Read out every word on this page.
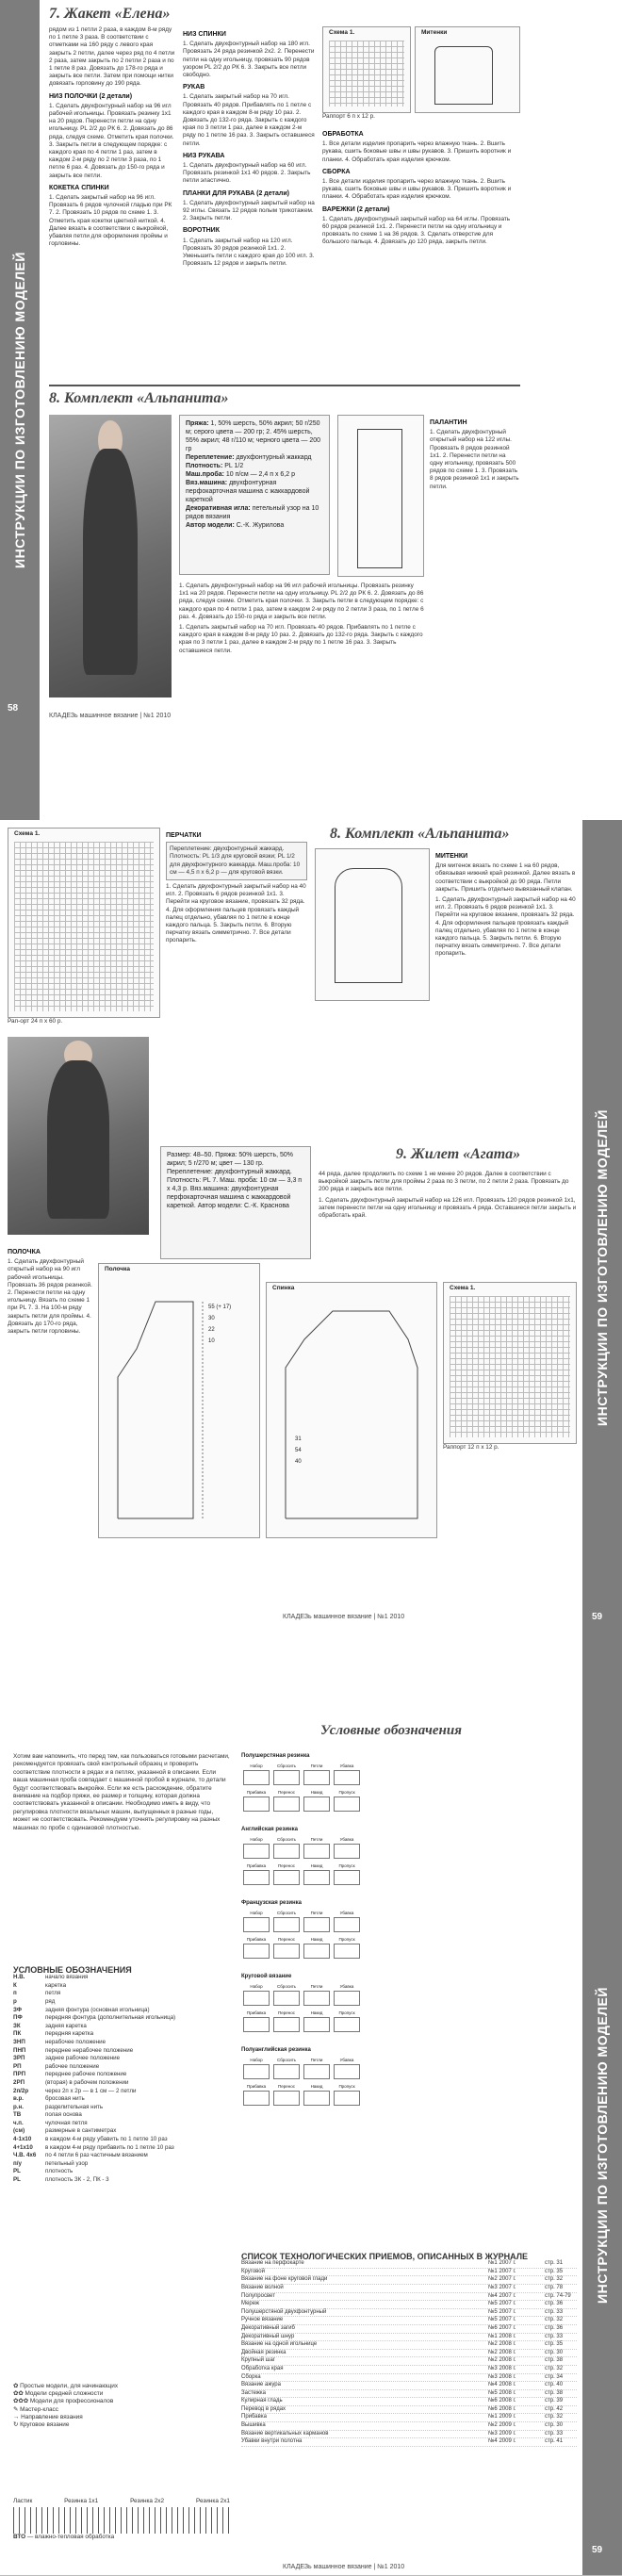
ИНСТРУКЦИИ ПО ИЗГОТОВЛЕНИЮ МОДЕЛЕЙ
58
7. Жакет «Елена»
рядом из 1 петли 2 раза, в каждом 8-м ряду по 1 петле 3 раза. В соответствии с отметками на 160 ряду с левого края закрыть 2 петли, далее через ряд по 4 петли 2 раза, затем закрыть по 2 петли 2 раза и по 1 петле 8 раз. Довязать до 178-го ряда и закрыть все петли. Затем при помощи нитки довязать горловину до 190 ряда.
НИЗ ПОЛОЧКИ (2 детали)
1. Сделать двухфонтурный набор на 96 игл рабочей игольницы. Провязать резинку 1х1 на 20 рядов. Перенести петли на одну игольницу. PL 2/2 до РК 6. 2. Довязать до 86 ряда, следуя схеме. Отметить края полочки. 3. Закрыть петли в следующем порядке: с каждого края по 4 петли 1 раз, затем в каждом 2-м ряду по 2 петли 3 раза, по 1 петле 6 раз. 4. Довязать до 150-го ряда и закрыть все петли.
КОКЕТКА СПИНКИ
1. Сделать закрытый набор на 96 игл. Провязать 6 рядов чулочной гладью при РК 7. 2. Провязать 10 рядов по схеме 1. 3. Отметить края кокетки цветной ниткой. 4. Далее вязать в соответствии с выкройкой, убавляя петли для оформления проймы и горловины.
НИЗ СПИНКИ
1. Сделать двухфонтурный набор на 180 игл. Провязать 24 ряда резинкой 2х2. 2. Перенести петли на одну игольницу, провязать 90 рядов узором PL 2/2 до РК 6. 3. Закрыть все петли свободно.
РУКАВ
1. Сделать закрытый набор на 70 игл. Провязать 40 рядов. Прибавлять по 1 петле с каждого края в каждом 8-м ряду 10 раз. 2. Довязать до 132-го ряда. Закрыть с каждого края по 3 петли 1 раз, далее в каждом 2-м ряду по 1 петле 16 раз. 3. Закрыть оставшиеся петли.
НИЗ РУКАВА
1. Сделать двухфонтурный набор на 60 игл. Провязать резинкой 1х1 40 рядов. 2. Закрыть петли эластично.
ПЛАНКИ ДЛЯ РУКАВА (2 детали)
1. Сделать двухфонтурный закрытый набор на 92 иглы. Связать 12 рядов полым трикотажем. 2. Закрыть петли.
ВОРОТНИК
1. Сделать закрытый набор на 120 игл. Провязать 30 рядов резинкой 1х1. 2. Уменьшить петли с каждого края до 100 игл. 3. Провязать 12 рядов и закрыть петли.
Схема 1.
Раппорт 6 п х 12 р.
Митенки
ОБРАБОТКА
1. Все детали изделия пропарить через влажную ткань. 2. Вшить рукава, сшить боковые швы и швы рукавов. 3. Пришить воротник и планки. 4. Обработать края изделия крючком.
СБОРКА
1. Все детали изделия пропарить через влажную ткань. 2. Вшить рукава, сшить боковые швы и швы рукавов. 3. Пришить воротник и планки. 4. Обработать края изделия крючком.
ВАРЕЖКИ (2 детали)
1. Сделать двухфонтурный закрытый набор на 64 иглы. Провязать 60 рядов резинкой 1х1. 2. Перенести петли на одну игольницу и провязать по схеме 1 на 36 рядов. 3. Сделать отверстие для большого пальца. 4. Довязать до 120 ряда, закрыть петли.
8. Комплект «Альпанита»
Пряжа: 1, 50% шерсть, 50% акрил; 50 г/250 м; серого цвета — 200 гр; 2. 45% шерсть, 55% акрил; 48 г/110 м; черного цвета — 200 гр
Переплетение: двухфонтурный жаккард
Плотность: PL 1/2
Маш.проба: 10 п/см — 2,4 п х 6,2 р
Вяз.машина: двухфонтурная перфокарточная машина с жаккардовой кареткой
Декоративная игла: петельный узор на 10 рядов вязания
Автор модели: С.-К. Журилова
ПАЛАНТИН
1. Сделать двухфонтурный открытый набор на 122 иглы. Провязать 8 рядов резинкой 1х1. 2. Перенести петли на одну игольницу, провязать 500 рядов по схеме 1. 3. Провязать 8 рядов резинкой 1х1 и закрыть петли.
1. Сделать двухфонтурный набор на 96 игл рабочей игольницы. Провязать резинку 1х1 на 20 рядов. Перенести петли на одну игольницу. PL 2/2 до РК 6. 2. Довязать до 86 ряда, следуя схеме. Отметить края полочки. 3. Закрыть петли в следующем порядке: с каждого края по 4 петли 1 раз, затем в каждом 2-м ряду по 2 петли 3 раза, по 1 петле 6 раз. 4. Довязать до 150-го ряда и закрыть все петли.
1. Сделать закрытый набор на 70 игл. Провязать 40 рядов. Прибавлять по 1 петле с каждого края в каждом 8-м ряду 10 раз. 2. Довязать до 132-го ряда. Закрыть с каждого края по 3 петли 1 раз, далее в каждом 2-м ряду по 1 петле 16 раз. 3. Закрыть оставшиеся петли.
КЛАДЕЗь машинное вязание | №1 2010
ИНСТРУКЦИИ ПО ИЗГОТОВЛЕНИЮ МОДЕЛЕЙ
59
8. Комплект «Альпанита»
Схема 1.
Рап-орт 24 п х 60 р.
ПЕРЧАТКИ
Переплетение: двухфонтурный жаккард. Плотность: PL 1/3 для круговой вязки; PL 1/2 для двухфонтурного жаккарда. Маш.проба: 10 см — 4,5 п х 6,2 р — для круговой вязки.
1. Сделать двухфонтурный закрытый набор на 40 игл. 2. Провязать 6 рядов резинкой 1х1. 3. Перейти на круговое вязание, провязать 32 ряда. 4. Для оформления пальцев провязать каждый палец отдельно, убавляя по 1 петле в конце каждого пальца. 5. Закрыть петли. 6. Вторую перчатку вязать симметрично. 7. Все детали пропарить.
МИТЕНКИ
Для митенок вязать по схеме 1 на 60 рядов, обвязывая нижний край резинкой. Далее вязать в соответствии с выкройкой до 90 ряда. Петли закрыть. Пришить отдельно вывязанный клапан.
1. Сделать двухфонтурный закрытый набор на 40 игл. 2. Провязать 6 рядов резинкой 1х1. 3. Перейти на круговое вязание, провязать 32 ряда. 4. Для оформления пальцев провязать каждый палец отдельно, убавляя по 1 петле в конце каждого пальца. 5. Закрыть петли. 6. Вторую перчатку вязать симметрично. 7. Все детали пропарить.
9. Жилет «Агата»
Размер: 48–50. Пряжа: 50% шерсть, 50% акрил; 5 г/270 м; цвет — 130 гр. Переплетение: двухфонтурный жаккард. Плотность: PL 7. Маш. проба: 10 см — 3,3 п х 4,3 р. Вяз.машина: двухфонтурная перфокарточная машина с жаккардовой кареткой. Автор модели: С.-К. Краснова
44 ряда, далее продолжить по схеме 1 не менее 20 рядов. Далее в соответствии с выкройкой закрыть петли для проймы 2 раза по 3 петли, по 2 петли 2 раза. Провязать до 200 ряда и закрыть все петли.
1. Сделать двухфонтурный закрытый набор на 126 игл. Провязать 120 рядов резинкой 1х1, затем перенести петли на одну игольницу и провязать 4 ряда. Оставшиеся петли закрыть и обработать край.
ПОЛОЧКА
1. Сделать двухфонтурный открытый набор на 90 игл рабочей игольницы. Провязать 36 рядов резинкой. 2. Перенести петли на одну игольницу. Вязать по схеме 1 при PL 7. 3. На 100-м ряду закрыть петли для проймы. 4. Довязать до 170-го ряда, закрыть петли горловины.
Полочка
55 (+ 17)
30
22
10
Спинка
31
54
40
Схема 1.
Раппорт 12 п х 12 р.
КЛАДЕЗь машинное вязание | №1 2010
ИНСТРУКЦИИ ПО ИЗГОТОВЛЕНИЮ МОДЕЛЕЙ
59
Условные обозначения
Хотим вам напомнить, что перед тем, как пользоваться готовыми расчетами, рекомендуется провязать свой контрольный образец и проверить соответствие плотности в рядах и в петлях, указанной в описании. Если ваша машинная проба совпадает с машинной пробой в журнале, то детали будут соответствовать выкройке. Если же есть расхождение, обратите внимание на подбор пряжи, ее размер и толщину, которая должна соответствовать указанной в описании. Необходимо иметь в виду, что регулировка плотности вязальных машин, выпущенных в разные годы, может не соответствовать. Рекомендуем уточнять регулировку на разных машинах по пробе с одинаковой плотностью.
УСЛОВНЫЕ ОБОЗНАЧЕНИЯ
Н.В.	начало вязания
К	каретка
п	петля
р	ряд
ЗФ	задняя фонтура (основная игольница)
ПФ	передняя фонтура (дополнительная игольница)
ЗК	задняя каретка
ПК	передняя каретка
ЗНП	нерабочее положение
ПНП	переднее нерабочее положение
ЗРП	заднее рабочее положение
РП	рабочее положение
ПРП	переднее рабочее положение
2РП	(вторая) в рабочем положении
2п/2р	через 2п х 2р — в 1 см — 2 петли
в.р.	бросовая нить
р.н.	разделительная нить
ТВ	полая основа
ч.п.	чулочная петля
(см)	размерные в сантиметрах
4-1х10	в каждом 4-м ряду убавить по 1 петле 10 раз
4+1х10	в каждом 4-м ряду прибавить по 1 петле 10 раз
Ч.В. 4х6	по 4 петли 6 раз частичным вязанием
п/у	петельный узор
PL	плотность
PL	плотность ЗК - 2, ПК - 3
✿ Простые модели, для начинающих
✿✿ Модели средней сложности
✿✿✿ Модели для профессионалов
✎ Мастер-класс
→ Направление вязания
↻ Круговое вязание
Ластик	Резинка 1х1	Резинка 2х2	Резинка 2х1
ВТО — влажно-тепловая обработка
Полушерстяная резинка
Набор	Сбросить	Петли	Убавка
Прибавка	Перенос	Накид	Пропуск
Английская резинка
Набор	Сбросить	Петли	Убавка
Прибавка	Перенос	Накид	Пропуск
Французская резинка
Набор	Сбросить	Петли	Убавка
Прибавка	Перенос	Накид	Пропуск
Круговой вязание
Набор	Сбросить	Петли	Убавка
Прибавка	Перенос	Накид	Пропуск
Полуанглийская резинка
Набор	Сбросить	Петли	Убавка
Прибавка	Перенос	Накид	Пропуск
СПИСОК ТЕХНОЛОГИЧЕСКИХ ПРИЕМОВ, ОПИСАННЫХ В ЖУРНАЛЕ
Вязание на перфокарте	№1 2007 г.	стр. 31
Круговой	№1 2007 г.	стр. 35
Вязание на фоне круговой глади	№2 2007 г.	стр. 32
Вязание волной	№3 2007 г.	стр. 78
Полупросвет	№4 2007 г.	стр. 74-79
Мереж	№5 2007 г.	стр. 36
Полушерстяной двухфонтурный	№5 2007 г.	стр. 33
Ручное вязание	№5 2007 г.	стр. 32
Декоративный загиб	№6 2007 г.	стр. 36
Декоративный шнур	№1 2008 г.	стр. 33
Вязание на одной игольнице	№2 2008 г.	стр. 35
Двойная резинка	№2 2008 г.	стр. 30
Крупный шаг	№2 2008 г.	стр. 38
Обработка края	№3 2008 г.	стр. 32
Сборка	№3 2008 г.	стр. 34
Вязание ажура	№4 2008 г.	стр. 40
Застежка	№5 2008 г.	стр. 38
Кулирная гладь	№6 2008 г.	стр. 39
Перевод в рядах	№6 2008 г.	стр. 42
Прибавка	№1 2009 г.	стр. 32
Вышивка	№2 2009 г.	стр. 30
Вязание вертикальных карманов	№3 2009 г.	стр. 33
Убавки внутри полотна	№4 2009 г.	стр. 41
КЛАДЕЗь машинное вязание | №1 2010
